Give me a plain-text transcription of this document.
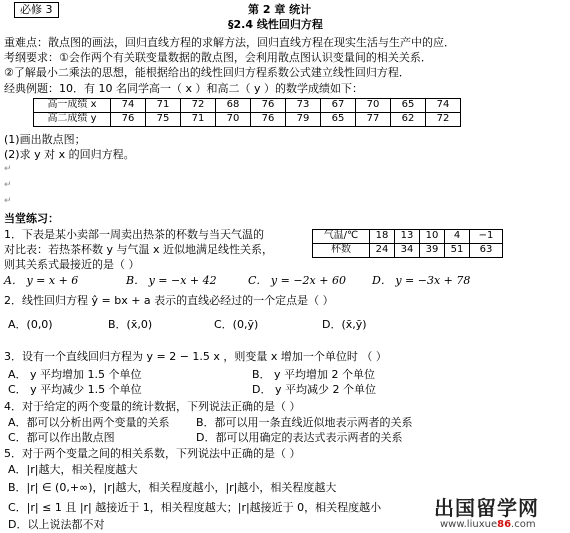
必修 3	第 2 章 统计
§2.4 线性回归方程
重难点：散点图的画法，回归直线方程的求解方法，回归直线方程在现实生活与生产中的应．
考纲要求：①会作两个有关联变量数据的散点图，会利用散点图认识变量间的相关关系．
②了解最小二乘法的思想，能根据给出的线性回归方程系数公式建立线性回归方程．
经典例题：10．有 10 名同学高一（ x ）和高二（ y ）的数学成绩如下：
高一成绩 x	74	71	72	68	76	73	67	70	65	74
高二成绩 y	76	75	71	70	76	79	65	77	62	72
(1)画出散点图；
(2)求 y 对 x 的回归方程。
↵
↵
↵
当堂练习：
1．下表是某小卖部一周卖出热茶的杯数与当天气温的
对比表：若热茶杯数 y 与气温 x 近似地满足线性关系，
则其关系式最接近的是（ ）
气温/℃	18	13	10	4	−1
杯数	24	34	39	51	63
A． y = x + 6	B． y = −x + 42	C． y = −2x + 60 D． y = −3x + 78
2．线性回归方程 ŷ = bx + a 表示的直线必经过的一个定点是（ ）
A．(0,0)	B．(x̄,0)	C．(0,ȳ)	D．(x̄,ȳ)
3．设有一个直线回归方程为 y = 2 − 1.5 x ，则变量 x 增加一个单位时 （ ）
A． y 平均增加 1.5 个单位	B． y 平均增加 2 个单位
C． y 平均减少 1.5 个单位	D． y 平均减少 2 个单位
4．对于给定的两个变量的统计数据，下列说法正确的是（ ）
A．都可以分析出两个变量的关系 B．都可以用一条直线近似地表示两者的关系
C．都可以作出散点图	D．都可以用确定的表达式表示两者的关系
5．对于两个变量之间的相关系数，下列说法中正确的是（ ）
A．|r|越大，相关程度越大
B．|r| ∈ (0,+∞)，|r|越大，相关程度越小，|r|越小，相关程度越大
C．|r| ≤ 1 且 |r| 越接近于 1，相关程度越大；|r|越接近于 0，相关程度越小
D．以上说法都不对
出国留学网
www.liuxue86.com
